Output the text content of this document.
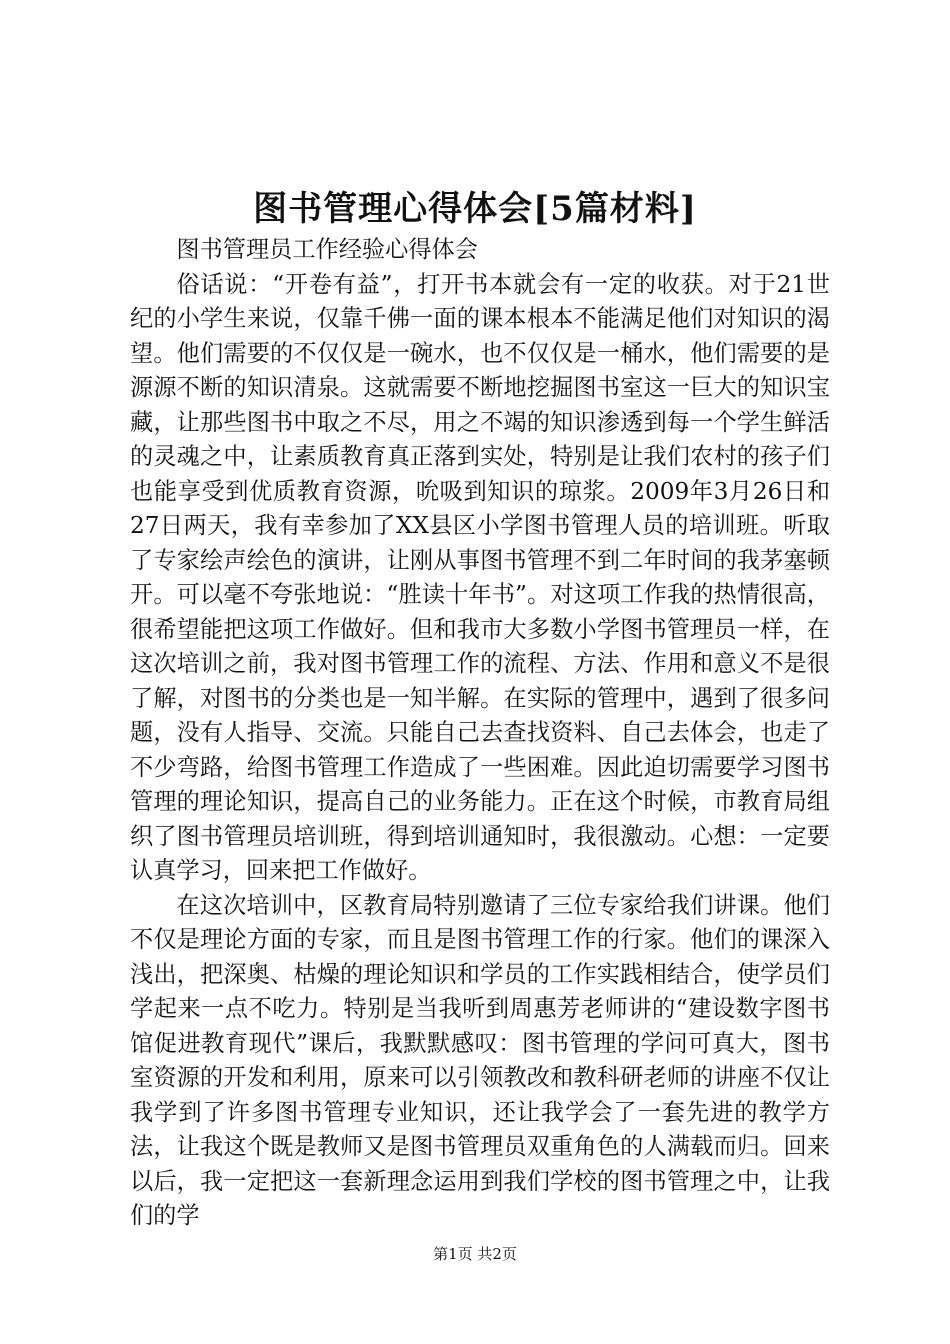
图书管理心得体会[5篇材料]

图书管理员工作经验心得体会

俗话说：“开卷有益”，打开书本就会有一定的收获。对于21世纪的小学生来说，仅靠千佛一面的课本根本不能满足他们对知识的渴望。他们需要的不仅仅是一碗水，也不仅仅是一桶水，他们需要的是源源不断的知识清泉。这就需要不断地挖掘图书室这一巨大的知识宝藏，让那些图书中取之不尽，用之不竭的知识渗透到每一个学生鲜活的灵魂之中，让素质教育真正落到实处，特别是让我们农村的孩子们也能享受到优质教育资源，吮吸到知识的琼浆。2009年3月26日和27日两天，我有幸参加了XX县区小学图书管理人员的培训班。听取了专家绘声绘色的演讲，让刚从事图书管理不到二年时间的我茅塞顿开。可以毫不夸张地说：“胜读十年书”。对这项工作我的热情很高，很希望能把这项工作做好。但和我市大多数小学图书管理员一样，在这次培训之前，我对图书管理工作的流程、方法、作用和意义不是很了解，对图书的分类也是一知半解。在实际的管理中，遇到了很多问题，没有人指导、交流。只能自己去查找资料、自己去体会，也走了不少弯路，给图书管理工作造成了一些困难。因此迫切需要学习图书管理的理论知识，提高自己的业务能力。正在这个时候，市教育局组织了图书管理员培训班，得到培训通知时，我很激动。心想：一定要认真学习，回来把工作做好。

在这次培训中，区教育局特别邀请了三位专家给我们讲课。他们不仅是理论方面的专家，而且是图书管理工作的行家。他们的课深入浅出，把深奥、枯燥的理论知识和学员的工作实践相结合，使学员们学起来一点不吃力。特别是当我听到周惠芳老师讲的“建设数字图书馆促进教育现代”课后，我默默感叹：图书管理的学问可真大，图书室资源的开发和利用，原来可以引领教改和教科研老师的讲座不仅让我学到了许多图书管理专业知识，还让我学会了一套先进的教学方法，让我这个既是教师又是图书管理员双重角色的人满载而归。回来以后，我一定把这一套新理念运用到我们学校的图书管理之中，让我们的学

第1页 共2页
